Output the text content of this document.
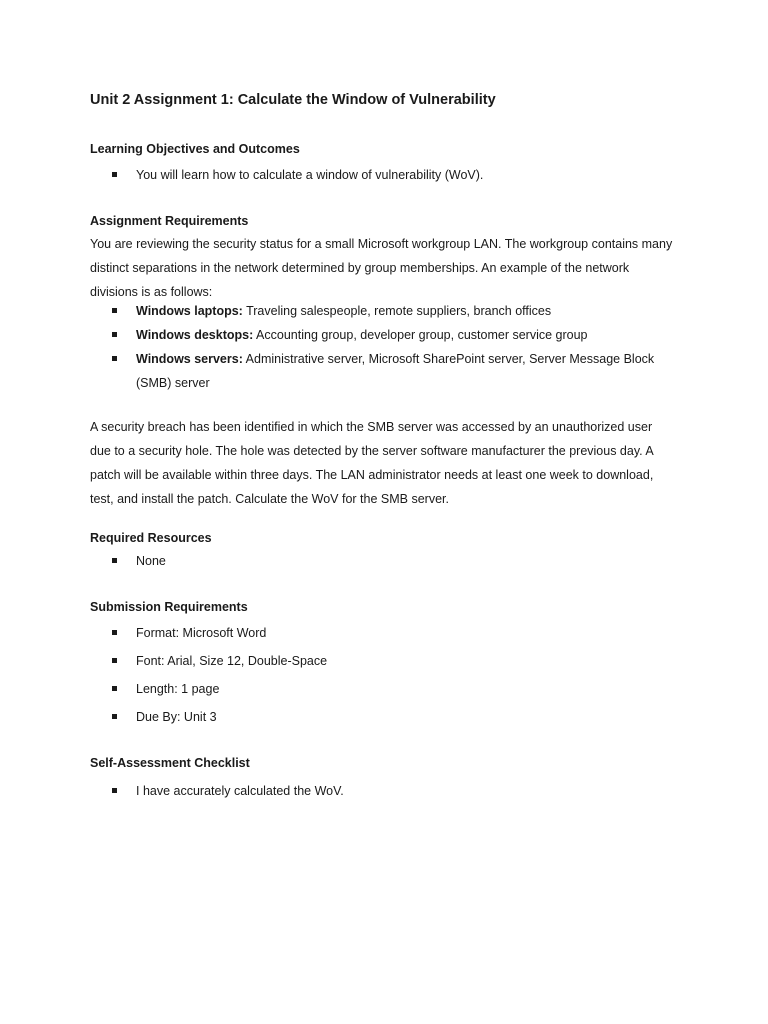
Unit 2 Assignment 1: Calculate the Window of Vulnerability
Learning Objectives and Outcomes
You will learn how to calculate a window of vulnerability (WoV).
Assignment Requirements

You are reviewing the security status for a small Microsoft workgroup LAN. The workgroup contains many
distinct separations in the network determined by group memberships. An example of the network
divisions is as follows:

Windows laptops: Traveling salespeople, remote suppliers, branch offices
Windows desktops: Accounting group, developer group, customer service group
Windows servers: Administrative server, Microsoft SharePoint server, Server Message Block
(SMB) server

A security breach has been identified in which the SMB server was accessed by an unauthorized user
due to a security hole. The hole was detected by the server software manufacturer the previous day. A
patch will be available within three days. The LAN administrator needs at least one week to download,
test, and install the patch. Calculate the WoV for the SMB server.

Required Resources
None
Submission Requirements
Format: Microsoft Word
Font: Arial, Size 12, Double-Space
Length: 1 page
Due By: Unit 3
Self-Assessment Checklist
I have accurately calculated the WoV.
